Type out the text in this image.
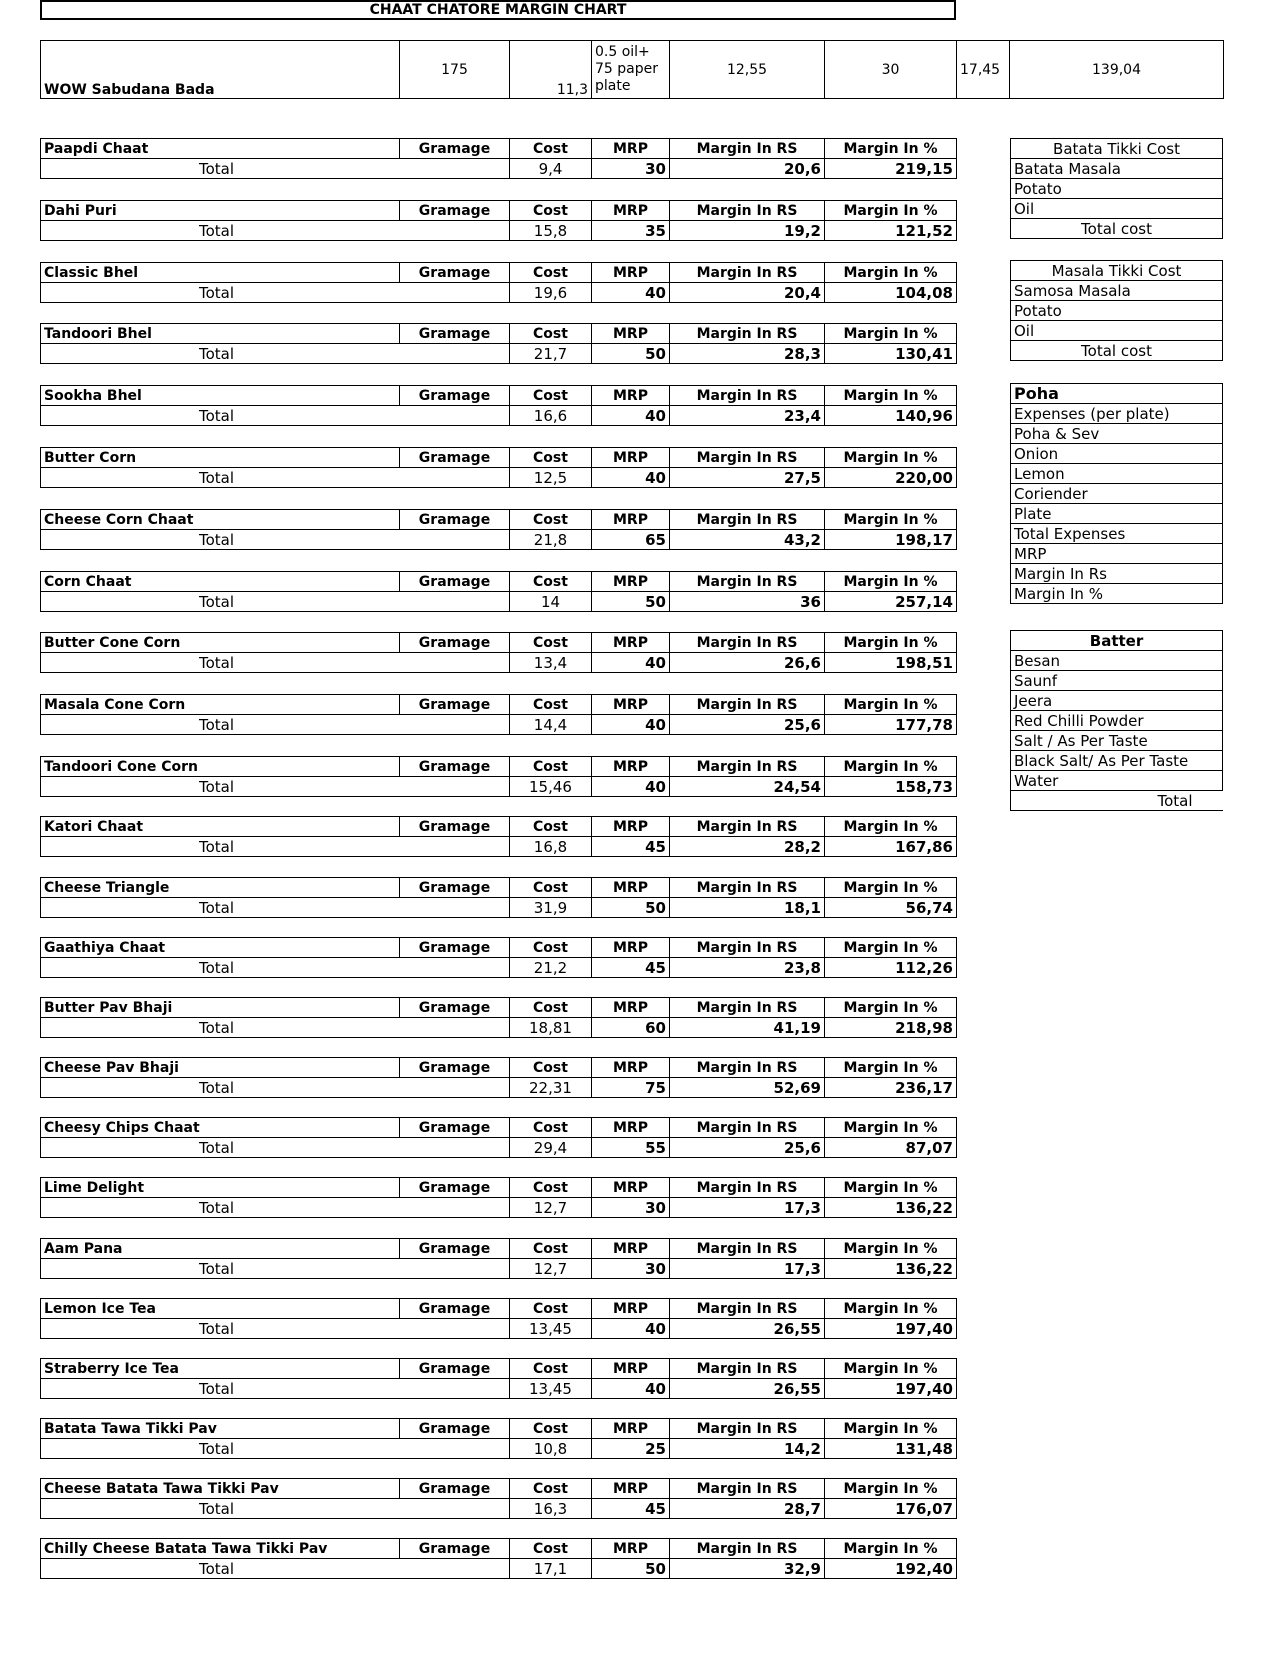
CHAAT CHATORE MARGIN CHART
WOW Sabudana Bada	175	11,3	0.5 oil+ 75 paper plate	12,55	30	17,45	139,04
Paapdi Chaat	Gramage	Cost	MRP	Margin In RS	Margin In %
Total		9,4	30	20,6	219,15
Dahi Puri	Gramage	Cost	MRP	Margin In RS	Margin In %
Total		15,8	35	19,2	121,52
Classic Bhel	Gramage	Cost	MRP	Margin In RS	Margin In %
Total		19,6	40	20,4	104,08
Tandoori Bhel	Gramage	Cost	MRP	Margin In RS	Margin In %
Total		21,7	50	28,3	130,41
Sookha Bhel	Gramage	Cost	MRP	Margin In RS	Margin In %
Total		16,6	40	23,4	140,96
Butter Corn	Gramage	Cost	MRP	Margin In RS	Margin In %
Total		12,5	40	27,5	220,00
Cheese Corn Chaat	Gramage	Cost	MRP	Margin In RS	Margin In %
Total		21,8	65	43,2	198,17
Corn Chaat	Gramage	Cost	MRP	Margin In RS	Margin In %
Total		14	50	36	257,14
Butter Cone Corn	Gramage	Cost	MRP	Margin In RS	Margin In %
Total		13,4	40	26,6	198,51
Masala Cone Corn	Gramage	Cost	MRP	Margin In RS	Margin In %
Total		14,4	40	25,6	177,78
Tandoori Cone Corn	Gramage	Cost	MRP	Margin In RS	Margin In %
Total		15,46	40	24,54	158,73
Katori Chaat	Gramage	Cost	MRP	Margin In RS	Margin In %
Total		16,8	45	28,2	167,86
Cheese Triangle	Gramage	Cost	MRP	Margin In RS	Margin In %
Total		31,9	50	18,1	56,74
Gaathiya Chaat	Gramage	Cost	MRP	Margin In RS	Margin In %
Total		21,2	45	23,8	112,26
Butter Pav Bhaji	Gramage	Cost	MRP	Margin In RS	Margin In %
Total		18,81	60	41,19	218,98
Cheese Pav Bhaji	Gramage	Cost	MRP	Margin In RS	Margin In %
Total		22,31	75	52,69	236,17
Cheesy Chips Chaat	Gramage	Cost	MRP	Margin In RS	Margin In %
Total		29,4	55	25,6	87,07
Lime Delight	Gramage	Cost	MRP	Margin In RS	Margin In %
Total		12,7	30	17,3	136,22
Aam Pana	Gramage	Cost	MRP	Margin In RS	Margin In %
Total		12,7	30	17,3	136,22
Lemon Ice Tea	Gramage	Cost	MRP	Margin In RS	Margin In %
Total		13,45	40	26,55	197,40
Straberry Ice Tea	Gramage	Cost	MRP	Margin In RS	Margin In %
Total		13,45	40	26,55	197,40
Batata Tawa Tikki Pav	Gramage	Cost	MRP	Margin In RS	Margin In %
Total		10,8	25	14,2	131,48
Cheese Batata Tawa Tikki Pav	Gramage	Cost	MRP	Margin In RS	Margin In %
Total		16,3	45	28,7	176,07
Chilly Cheese Batata Tawa Tikki Pav	Gramage	Cost	MRP	Margin In RS	Margin In %
Total		17,1	50	32,9	192,40
Batata Tikki Cost
Batata Masala
Potato
Oil
Total cost
Masala Tikki Cost
Samosa Masala
Potato
Oil
Total cost
Poha
Expenses (per plate)
Poha & Sev
Onion
Lemon
Coriender
Plate
Total Expenses
MRP
Margin In Rs
Margin In %
Batter
Besan
Saunf
Jeera
Red Chilli Powder
Salt / As Per Taste
Black Salt/ As Per Taste
Water
Total
